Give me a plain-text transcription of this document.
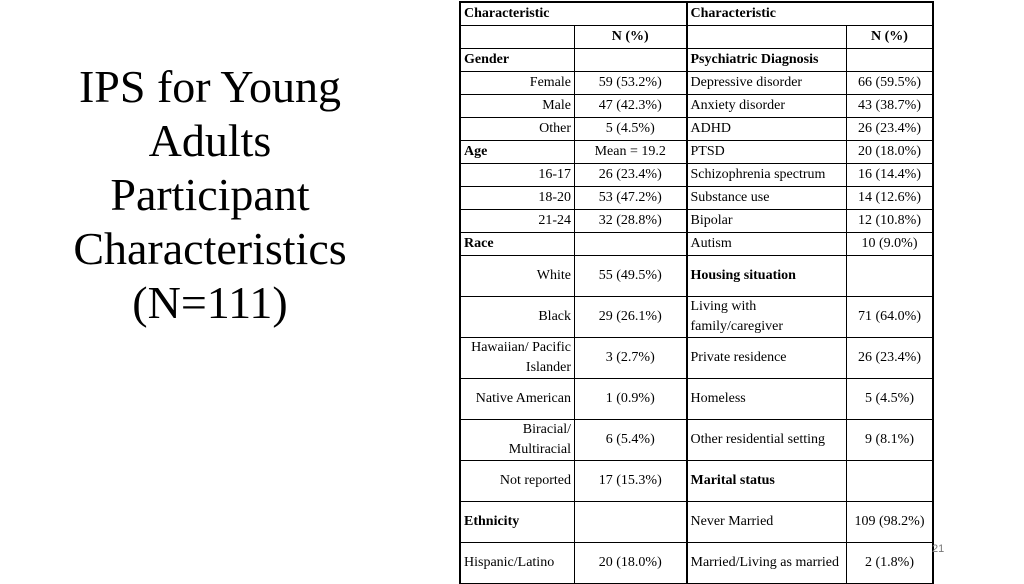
IPS for Young
Adults
Participant
Characteristics
(N=111)
Characteristic		Characteristic	
	N (%)		N (%)
Gender		Psychiatric Diagnosis	
Female	59 (53.2%)	Depressive disorder	66 (59.5%)
Male	47 (42.3%)	Anxiety disorder	43 (38.7%)
Other	5 (4.5%)	ADHD	26 (23.4%)
Age	Mean = 19.2	PTSD	20 (18.0%)
16-17	26 (23.4%)	Schizophrenia spectrum	16 (14.4%)
18-20	53 (47.2%)	Substance use	14 (12.6%)
21-24	32 (28.8%)	Bipolar	12 (10.8%)
Race		Autism	10 (9.0%)
White	55 (49.5%)	Housing situation	
Black	29 (26.1%)	Living with family/caregiver	71 (64.0%)
Hawaiian/ Pacific Islander	3 (2.7%)	Private residence	26 (23.4%)
Native American	1 (0.9%)	Homeless	5 (4.5%)
Biracial/ Multiracial	6 (5.4%)	Other residential setting	9 (8.1%)
Not reported	17 (15.3%)	Marital status	
Ethnicity		Never Married	109 (98.2%)
Hispanic/Latino	20 (18.0%)	Married/Living as married	2 (1.8%)
21
